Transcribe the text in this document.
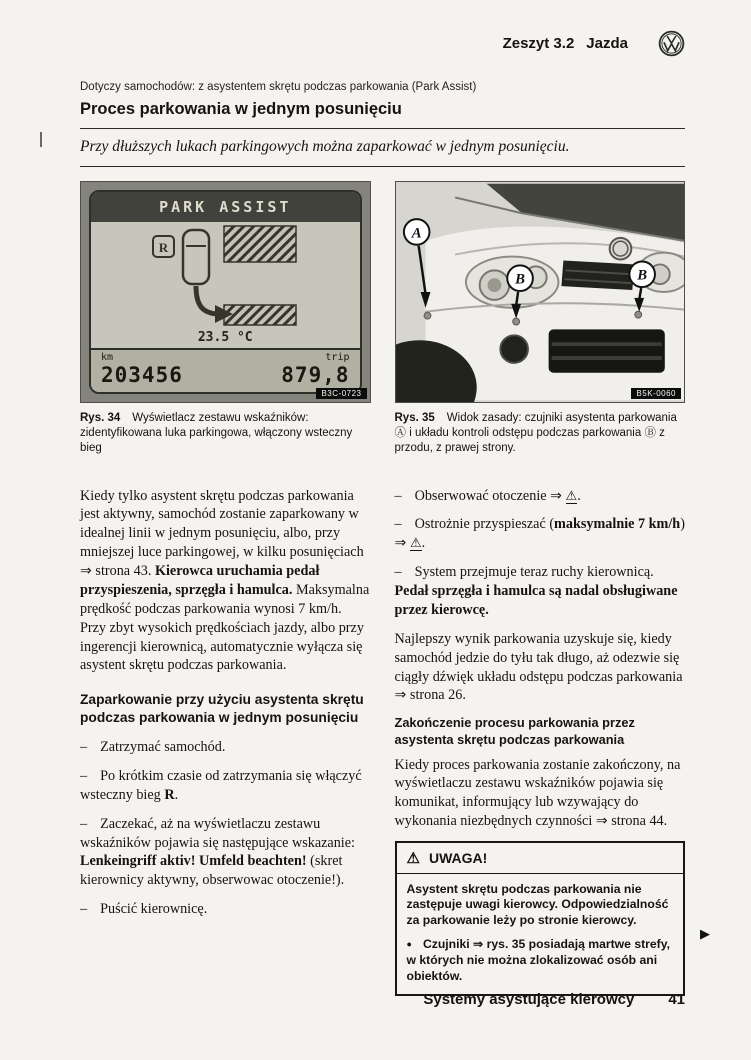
Zeszyt 3.2 Jazda
Dotyczy samochodów: z asystentem skrętu podczas parkowania (Park Assist)
Proces parkowania w jednym posunięciu
Przy dłuższych lukach parkingowych można zaparkować w jednym posunięciu.
PARK ASSIST
R
23.5 °C
km	trip
203456	879,8
B3C-0723
Rys. 34 Wyświetlacz zestawu wskaźników: zidentyfikowana luka parkingowa, włączony wsteczny bieg
A
B	B
B5K-0060
Rys. 35 Widok zasady: czujniki asystenta parkowania Ⓐ i układu kontroli odstępu podczas parkowania Ⓑ z przodu, z prawej strony.

Kiedy tylko asystent skrętu podczas parkowania jest aktywny, samochód zostanie zaparkowany w idealnej linii w jednym posunięciu, albo, przy mniejszej luce parkingowej, w kilku posunięciach ⇒ strona 43. Kierowca uruchamia pedał przyspieszenia, sprzęgła i hamulca. Maksymalna prędkość podczas parkowania wynosi 7 km/h. Przy zbyt wysokich prędkościach jazdy, albo przy ingerencji kierownicą, automatycznie wyłącza się asystent skrętu podczas parkowania.

Zaparkowanie przy użyciu asystenta skrętu podczas parkowania w jednym posunięciu

– Zatrzymać samochód.

– Po krótkim czasie od zatrzymania się włączyć wsteczny bieg R.

– Zaczekać, aż na wyświetlaczu zestawu wskaźników pojawia się następujące wskazanie: Lenkeingriff aktiv! Umfeld beachten! (skret kierownicy aktywny, obserwowac otoczenie!).

– Puścić kierownicę.

– Obserwować otoczenie ⇒ ⚠.

– Ostrożnie przyspieszać (maksymalnie 7 km/h) ⇒ ⚠.

– System przejmuje teraz ruchy kierownicą. Pedał sprzęgła i hamulca są nadal obsługiwane przez kierowcę.

Najlepszy wynik parkowania uzyskuje się, kiedy samochód jedzie do tyłu tak długo, aż odezwie się ciągły dźwięk układu odstępu podczas parkowania ⇒ strona 26.

Zakończenie procesu parkowania przez asystenta skrętu podczas parkowania

Kiedy proces parkowania zostanie zakończony, na wyświetlaczu zestawu wskaźników pojawia się komunikat, informujący lub wzywający do wykonania niezbędnych czynności ⇒ strona 44.

⚠ UWAGA!
Asystent skrętu podczas parkowania nie zastępuje uwagi kierowcy. Odpowiedzialność za parkowanie leży po stronie kierowcy.
● Czujniki ⇒ rys. 35 posiadają martwe strefy, w których nie można zlokalizować osób ani obiektów.
▶
Systemy asystujące kierowcy 41
